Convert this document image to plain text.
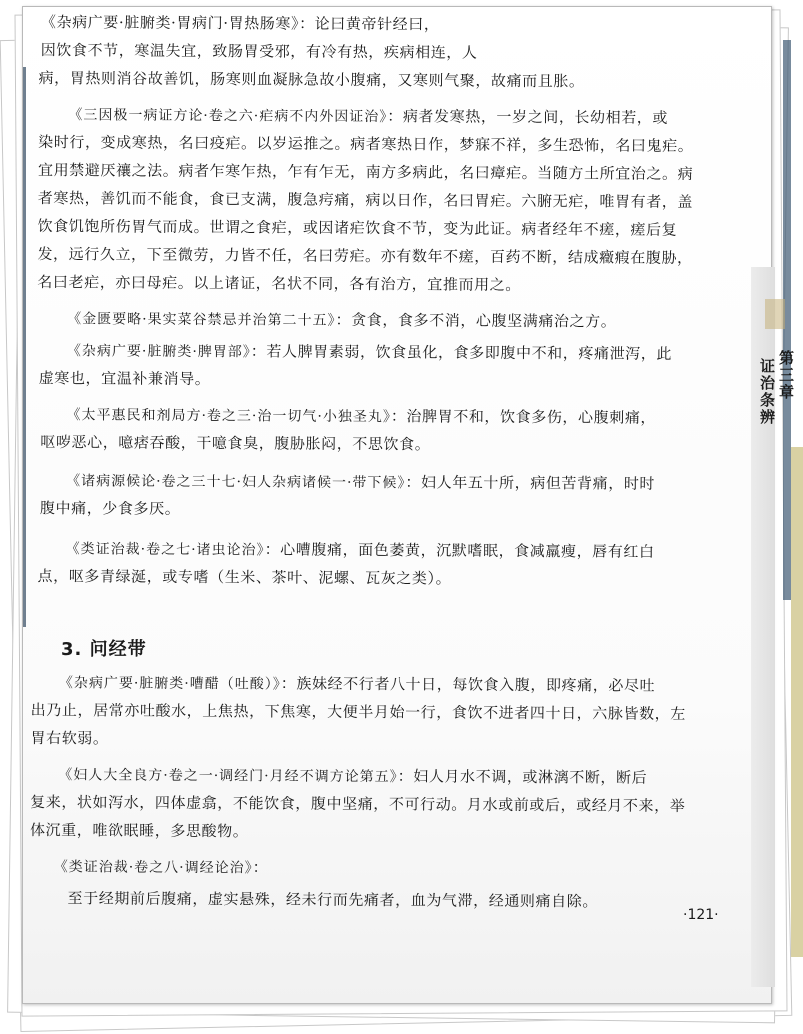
《杂病广要·脏腑类·胃病门·胃热肠寒》：论曰黄帝针经曰，
因饮食不节，寒温失宜，致肠胃受邪，有冷有热，疾病相连，人
病，胃热则消谷故善饥，肠寒则血凝脉急故小腹痛，又寒则气聚，故痛而且胀。
《三因极一病证方论·卷之六·疟病不内外因证治》：病者发寒热，一岁之间，长幼相若，或
染时行，变成寒热，名曰疫疟。以岁运推之。病者寒热日作，梦寐不祥，多生恐怖，名曰鬼疟。
宜用禁避厌禳之法。病者乍寒乍热，乍有乍无，南方多病此，名曰瘴疟。当随方土所宜治之。病
者寒热，善饥而不能食，食已支满，腹急疞痛，病以日作，名曰胃疟。六腑无疟，唯胃有者，盖
饮食饥饱所伤胃气而成。世谓之食疟，或因诸疟饮食不节，变为此证。病者经年不瘥，瘥后复
发，远行久立，下至微劳，力皆不任，名曰劳疟。亦有数年不瘥，百药不断，结成癥瘕在腹胁，
名曰老疟，亦曰母疟。以上诸证，名状不同，各有治方，宜推而用之。
《金匮要略·果实菜谷禁忌并治第二十五》：贪食，食多不消，心腹坚满痛治之方。
《杂病广要·脏腑类·脾胃部》：若人脾胃素弱，饮食虽化，食多即腹中不和，疼痛泄泻，此
虚寒也，宜温补兼消导。
《太平惠民和剂局方·卷之三·治一切气·小独圣丸》：治脾胃不和，饮食多伤，心腹刺痛，
呕哕恶心，噫痞吞酸，干噫食臭，腹胁胀闷，不思饮食。
《诸病源候论·卷之三十七·妇人杂病诸候一·带下候》：妇人年五十所，病但苦背痛，时时
腹中痛，少食多厌。
《类证治裁·卷之七·诸虫论治》：心嘈腹痛，面色萎黄，沉默嗜眠，食减羸瘦，唇有红白
点，呕多青绿涎，或专嗜（生米、茶叶、泥螺、瓦灰之类）。
3. 问经带
《杂病广要·脏腑类·嘈醋（吐酸）》：族妹经不行者八十日，每饮食入腹，即疼痛，必尽吐
出乃止，居常亦吐酸水，上焦热，下焦寒，大便半月始一行，食饮不进者四十日，六脉皆数，左
胃右软弱。
《妇人大全良方·卷之一·调经门·月经不调方论第五》：妇人月水不调，或淋漓不断，断后
复来，状如泻水，四体虚翕，不能饮食，腹中坚痛，不可行动。月水或前或后，或经月不来，举
体沉重，唯欲眠睡，多思酸物。
《类证治裁·卷之八·调经论治》：
至于经期前后腹痛，虚实悬殊，经未行而先痛者，血为气滞，经通则痛自除。
·121·
第三章
证治条辨
